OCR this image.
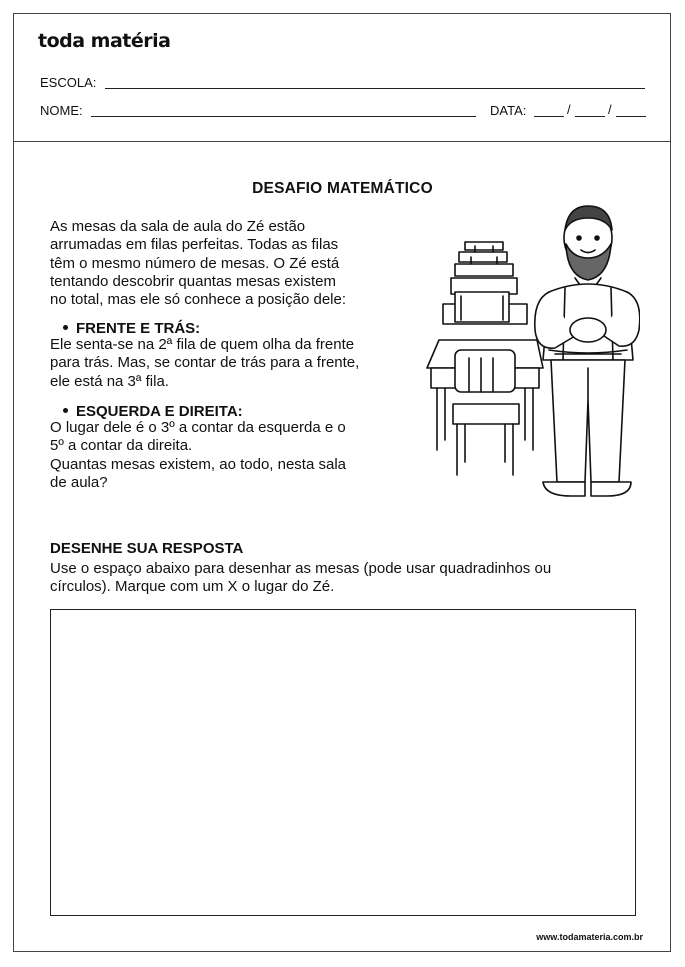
toda matéria
ESCOLA:
NOME:	DATA:	/	/
DESAFIO MATEMÁTICO
As mesas da sala de aula do Zé estão
arrumadas em filas perfeitas. Todas as filas
têm o mesmo número de mesas. O Zé está
tentando descobrir quantas mesas existem
no total, mas ele só conhece a posição dele:
FRENTE E TRÁS:
Ele senta-se na 2ª fila de quem olha da frente
para trás. Mas, se contar de trás para a frente,
ele está na 3ª fila.
ESQUERDA E DIREITA:
O lugar dele é o 3º a contar da esquerda e o
5º a contar da direita.
Quantas mesas existem, ao todo, nesta sala
de aula?
DESENHE SUA RESPOSTA
Use o espaço abaixo para desenhar as mesas (pode usar quadradinhos ou
círculos). Marque com um X o lugar do Zé.
www.todamateria.com.br
